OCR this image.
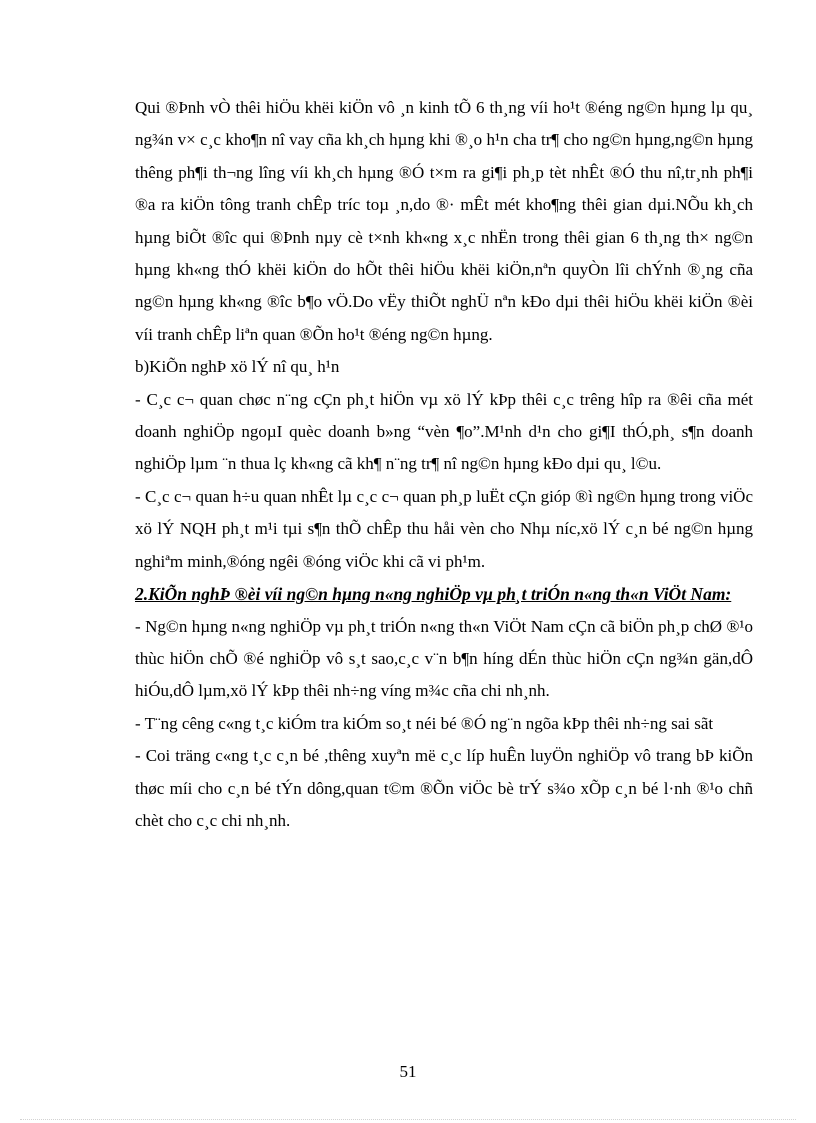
Qui ®Þnh vÒ thêi hiÖu khëi kiÖn vô ¸n kinh tÕ 6 th¸ng víi ho¹t ®éng ng©n hµng lµ qu¸ ng¾n v× c¸c kho¶n nî vay cña kh¸ch hµng khi ®¸o h¹n cha tr¶ cho ng©n hµng,ng©n hµng thêng ph¶i th¬ng lîng víi kh¸ch hµng ®Ó t×m ra gi¶i ph¸p tèt nhÊt ®Ó thu nî,tr¸nh ph¶i ®a ra kiÖn tông tranh chÊp tríc toµ ¸n,do ®· mÊt mét kho¶ng thêi gian dµi.NÕu kh¸ch hµng biÕt ®îc qui ®Þnh nµy cè t×nh kh«ng x¸c nhËn trong thêi gian 6 th¸ng th× ng©n hµng kh«ng thÓ khëi kiÖn do hÕt thêi hiÖu khëi kiÖn,nªn quyÒn lîi chÝnh ®¸ng cña ng©n hµng kh«ng ®îc b¶o vÖ.Do vËy thiÕt nghÜ nªn kÐo dµi thêi hiÖu khëi kiÖn ®èi víi tranh chÊp liªn quan ®Õn ho¹t ®éng ng©n hµng.

b)KiÕn nghÞ xö lÝ nî qu¸ h¹n

- C¸c c¬ quan chøc n¨ng cÇn ph¸t hiÖn vµ xö lÝ kÞp thêi c¸c trêng hîp ra ®êi cña mét doanh nghiÖp ngoµI quèc doanh b»ng “vèn ¶o”.M¹nh d¹n cho gi¶I thÓ,ph¸ s¶n doanh nghiÖp lµm ¨n thua lç kh«ng cã kh¶ n¨ng tr¶ nî ng©n hµng kÐo dµi qu¸ l©u.

- C¸c c¬ quan h÷u quan nhÊt lµ c¸c c¬ quan ph¸p luËt cÇn gióp ®ì ng©n hµng trong viÖc xö lÝ NQH ph¸t m¹i tµi s¶n thÕ chÊp thu håi vèn cho Nhµ níc,xö lÝ c¸n bé ng©n hµng nghiªm minh,®óng ngêi ®óng viÖc khi cã vi ph¹m.

2.KiÕn nghÞ ®èi víi ng©n hµng n«ng nghiÖp vµ ph¸t triÓn n«ng th«n ViÖt Nam:

- Ng©n hµng n«ng nghiÖp vµ ph¸t triÓn n«ng th«n ViÖt Nam cÇn cã biÖn ph¸p chØ ®¹o thùc hiÖn chÕ ®é nghiÖp vô s¸t sao,c¸c v¨n b¶n híng dÉn thùc hiÖn cÇn ng¾n gän,dÔ hiÓu,dÔ lµm,xö lÝ kÞp thêi nh÷ng víng m¾c cña chi nh¸nh.

- T¨ng cêng c«ng t¸c kiÓm tra kiÓm so¸t néi bé ®Ó ng¨n ngõa kÞp thêi nh÷ng sai sãt

- Coi träng c«ng t¸c c¸n bé ,thêng xuyªn më c¸c líp huÊn luyÖn nghiÖp vô trang bÞ kiÕn thøc míi cho c¸n bé tÝn dông,quan t©m ®Õn viÖc bè trÝ s¾o xÕp c¸n bé l·nh ®¹o chñ chèt cho c¸c chi nh¸nh.

51
